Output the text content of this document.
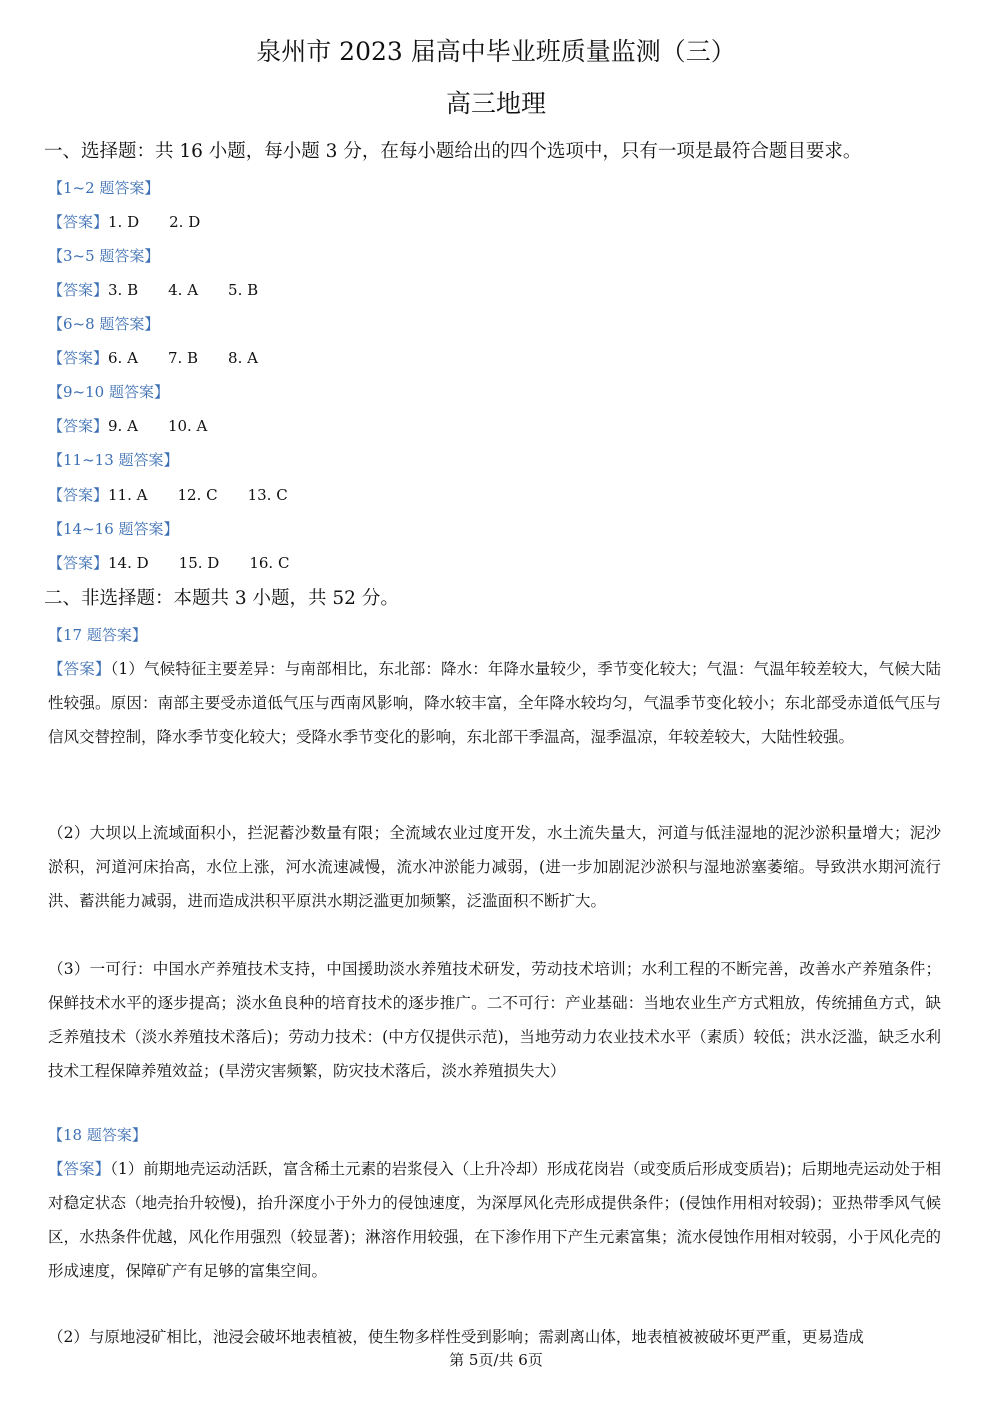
泉州市 2023 届高中毕业班质量监测（三）
高三地理
一、选择题：共 16 小题，每小题 3 分，在每小题给出的四个选项中，只有一项是最符合题目要求。
【1~2 题答案】
【答案】1. D 2. D
【3~5 题答案】
【答案】3. B 4. A 5. B
【6~8 题答案】
【答案】6. A 7. B 8. A
【9~10 题答案】
【答案】9. A 10. A
【11~13 题答案】
【答案】11. A 12. C 13. C
【14~16 题答案】
【答案】14. D 15. D 16. C
二、非选择题：本题共 3 小题，共 52 分。
【17 题答案】
【答案】（1）气候特征主要差异：与南部相比，东北部：降水：年降水量较少，季节变化较大；气温：气温年较差较大，气候大陆性较强。原因：南部主要受赤道低气压与西南风影响，降水较丰富，全年降水较均匀，气温季节变化较小；东北部受赤道低气压与信风交替控制，降水季节变化较大；受降水季节变化的影响，东北部干季温高，湿季温凉，年较差较大，大陆性较强。
（2）大坝以上流域面积小，拦泥蓄沙数量有限；全流域农业过度开发，水土流失量大，河道与低洼湿地的泥沙淤积量增大；泥沙淤积，河道河床抬高，水位上涨，河水流速减慢，流水冲淤能力减弱，(进一步加剧泥沙淤积与湿地淤塞萎缩。导致洪水期河流行洪、蓄洪能力减弱，进而造成洪积平原洪水期泛滥更加频繁，泛滥面积不断扩大。
（3）一可行：中国水产养殖技术支持，中国援助淡水养殖技术研发，劳动技术培训；水利工程的不断完善，改善水产养殖条件；保鲜技术水平的逐步提高；淡水鱼良种的培育技术的逐步推广。二不可行：产业基础：当地农业生产方式粗放，传统捕鱼方式，缺乏养殖技术（淡水养殖技术落后)；劳动力技术：(中方仅提供示范)，当地劳动力农业技术水平（素质）较低；洪水泛滥，缺乏水利技术工程保障养殖效益；(旱涝灾害频繁，防灾技术落后，淡水养殖损失大）
【18 题答案】
【答案】（1）前期地壳运动活跃，富含稀土元素的岩浆侵入（上升冷却）形成花岗岩（或变质后形成变质岩)；后期地壳运动处于相对稳定状态（地壳抬升较慢)，抬升深度小于外力的侵蚀速度，为深厚风化壳形成提供条件；(侵蚀作用相对较弱)；亚热带季风气候区，水热条件优越，风化作用强烈（较显著)；淋溶作用较强，在下渗作用下产生元素富集；流水侵蚀作用相对较弱，小于风化壳的形成速度，保障矿产有足够的富集空间。
（2）与原地浸矿相比，池浸会破坏地表植被，使生物多样性受到影响；需剥离山体，地表植被被破坏更严重，更易造成
第 5页/共 6页
